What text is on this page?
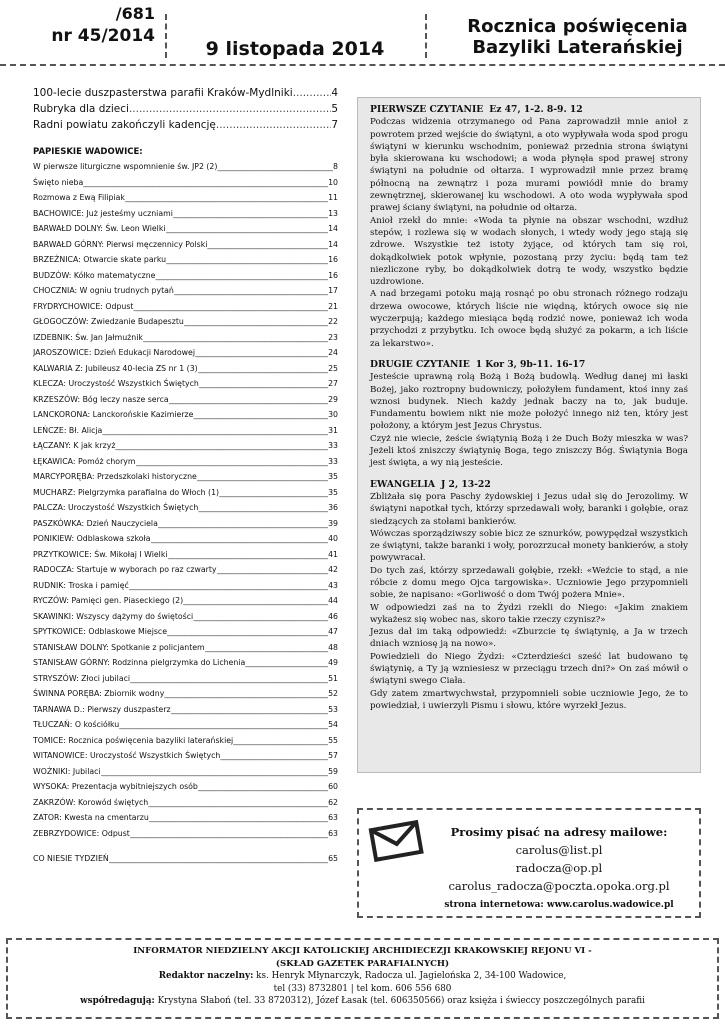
/681
nr 45/2014
9 listopada 2014
Rocznica poświęcenia
Bazyliki Laterańskiej
100-lecie duszpasterstwa parafii Kraków-Mydlniki .....	4
Rubryka dla dzieci .....	5
Radni powiatu zakończyli kadencję .....	7
PAPIESKIE WADOWICE:
W pierwsze liturgiczne wspomnienie św. JP2 (2) _____	8
Święto nieba _____	10
Rozmowa z Ewą Filipiak _____	11
BACHOWICE: Już jesteśmy uczniami _____	13
BARWAŁD DOLNY: Św. Leon Wielki _____	14
BARWAŁD GÓRNY: Pierwsi męczennicy Polski _____	14
BRZEŹNICA: Otwarcie skate parku _____	16
BUDZÓW: Kółko matematyczne _____	16
CHOCZNIA: W ogniu trudnych pytań _____	17
FRYDRYCHOWICE: Odpust _____	21
GŁOGOCZÓW: Zwiedzanie Budapesztu _____	22
IZDEBNIK: Św. Jan Jałmużnik _____	23
JAROSZOWICE: Dzień Edukacji Narodowej _____	24
KALWARIA Z: Jubileusz 40-lecia ZS nr 1 (3) _____	25
KLECZA: Uroczystość Wszystkich Świętych _____	27
KRZESZÓW: Bóg leczy nasze serca _____	29
LANCKORONA: Lanckorońskie Kazimierze _____	30
LEŃCZE: Bł. Alicja _____	31
ŁĄCZANY: K jak krzyż _____	33
ŁĘKAWICA: Pomóż chorym _____	33
MARCYPORĘBA: Przedszkolaki historyczne _____	35
MUCHARZ: Pielgrzymka parafialna do Włoch (1) _____	35
PALCZA: Uroczystość Wszystkich Świętych _____	36
PASZKÓWKA: Dzień Nauczyciela _____	39
PONIKIEW: Odblaskowa szkoła _____	40
PRZYTKOWICE: Św. Mikołaj I Wielki _____	41
RADOCZA: Startuje w wyborach po raz czwarty _____	42
RUDNIK: Troska i pamięć _____	43
RYCZÓW: Pamięci gen. Piaseckiego (2) _____	44
SKAWINKI: Wszyscy dążymy do świętości _____	46
SPYTKOWICE: Odblaskowe Miejsce _____	47
STANISŁAW DOLNY: Spotkanie z policjantem _____	48
STANISŁAW GÓRNY: Rodzinna pielgrzymka do Lichenia _____	49
STRYSZÓW: Złoci jubilaci _____	51
ŚWINNA PORĘBA: Zbiornik wodny _____	52
TARNAWA D.: Pierwszy duszpasterz _____	53
TŁUCZAŃ: O kościółku _____	54
TOMICE: Rocznica poświęcenia bazyliki laterańskiej _____	55
WITANOWICE: Uroczystość Wszystkich Świętych _____	57
WOŹNIKI: Jubilaci _____	59
WYSOKA: Prezentacja wybitniejszych osób _____	60
ZAKRZÓW: Korowód świętych _____	62
ZATOR: Kwesta na cmentarzu _____	63
ZEBRZYDOWICE: Odpust _____	63
CO NIESIE TYDZIEŃ _____	65
PIERWSZE CZYTANIE Ez 47, 1-2. 8-9. 12

Podczas widzenia otrzymanego od Pana zaprowadził mnie anioł z powrotem przed wejście do świątyni, a oto wypływała woda spod progu świątyni w kierunku wschodnim, ponieważ przednia strona świątyni była skierowana ku wschodowi; a woda płynęła spod prawej strony świątyni na południe od ołtarza. I wyprowadził mnie przez bramę północną na zewnątrz i poza murami powiódł mnie do bramy zewnętrznej, skierowanej ku wschodowi. A oto woda wypływała spod prawej ściany świątyni, na południe od ołtarza.

Anioł rzekł do mnie: «Woda ta płynie na obszar wschodni, wzdłuż stepów, i rozlewa się w wodach słonych, i wtedy wody jego stają się zdrowe. Wszystkie też istoty żyjące, od których tam się roi, dokądkolwiek potok wpłynie, pozostaną przy życiu: będą tam też niezliczone ryby, bo dokądkolwiek dotrą te wody, wszystko będzie uzdrowione.

A nad brzegami potoku mają rosnąć po obu stronach różnego rodzaju drzewa owocowe, których liście nie więdną, których owoce się nie wyczerpują; każdego miesiąca będą rodzić nowe, ponieważ ich woda przychodzi z przybytku. Ich owoce będą służyć za pokarm, a ich liście za lekarstwo».

DRUGIE CZYTANIE 1 Kor 3, 9b-11. 16-17

Jesteście uprawną rolą Bożą i Bożą budowlą. Według danej mi łaski Bożej, jako roztropny budowniczy, położyłem fundament, ktoś inny zaś wznosi budynek. Niech każdy jednak baczy na to, jak buduje. Fundamentu bowiem nikt nie może położyć innego niż ten, który jest położony, a którym jest Jezus Chrystus.

Czyż nie wiecie, żeście świątynią Bożą i że Duch Boży mieszka w was? Jeżeli ktoś zniszczy świątynię Boga, tego zniszczy Bóg. Świątynia Boga jest święta, a wy nią jesteście.

EWANGELIA J 2, 13-22

Zbliżała się pora Paschy żydowskiej i Jezus udał się do Jerozolimy. W świątyni napotkał tych, którzy sprzedawali woły, baranki i gołębie, oraz siedzących za stołami bankierów.

Wówczas sporządziwszy sobie bicz ze sznurków, powypędzał wszystkich ze świątyni, także baranki i woły, porozrzucał monety bankierów, a stoły powywracał.

Do tych zaś, którzy sprzedawali gołębie, rzekł: «Weźcie to stąd, a nie róbcie z domu mego Ojca targowiska». Uczniowie Jego przypomnieli sobie, że napisano: «Gorliwość o dom Twój pożera Mnie».

W odpowiedzi zaś na to Żydzi rzekli do Niego: «Jakim znakiem wykażesz się wobec nas, skoro takie rzeczy czynisz?»

Jezus dał im taką odpowiedź: «Zburzcie tę świątynię, a Ja w trzech dniach wzniosę ją na nowo».

Powiedzieli do Niego Żydzi: «Czterdzieści sześć lat budowano tę świątynię, a Ty ją wzniesiesz w przeciągu trzech dni?» On zaś mówił o świątyni swego Ciała.

Gdy zatem zmartwychwstał, przypomnieli sobie uczniowie Jego, że to powiedział, i uwierzyli Pismu i słowu, które wyrzekł Jezus.

Prosimy pisać na adresy mailowe:
carolus@list.pl
radocza@op.pl
carolus_radocza@poczta.opoka.org.pl
strona internetowa: www.carolus.wadowice.pl
INFORMATOR NIEDZIELNY AKCJI KATOLICKIEJ ARCHIDIECEZJI KRAKOWSKIEJ REJONU VI -
(SKŁAD GAZETEK PARAFIALNYCH)
Redaktor naczelny: ks. Henryk Młynarczyk, Radocza ul. Jagielońska 2, 34-100 Wadowice,
tel (33) 8732801 | tel kom. 606 556 680
współredagują: Krystyna Słaboń (tel. 33 8720312), Józef Łasak (tel. 606350566) oraz księża i świeccy poszczególnych parafii
